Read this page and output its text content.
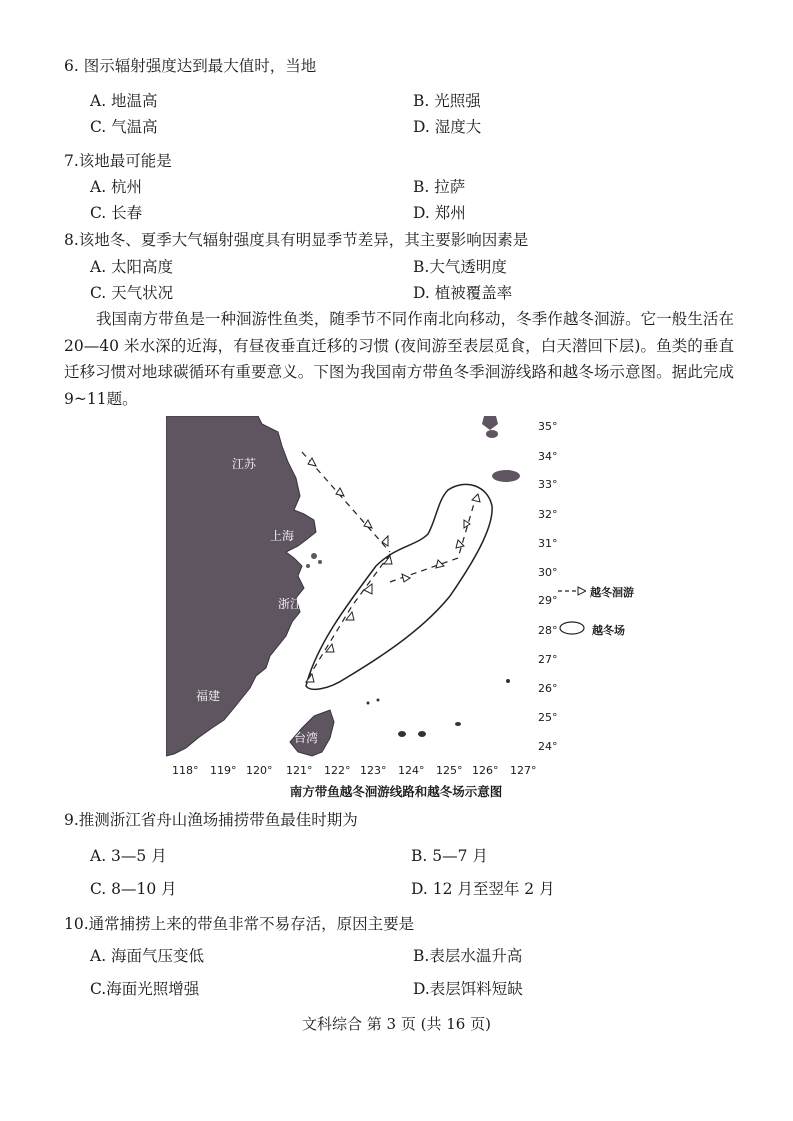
6. 图示辐射强度达到最大值时，当地
A. 地温高	B. 光照强
C. 气温高	D. 湿度大
7.该地最可能是
A. 杭州	B. 拉萨
C. 长春	D. 郑州
8.该地冬、夏季大气辐射强度具有明显季节差异，其主要影响因素是
A. 太阳高度	B.大气透明度
C. 天气状况	D. 植被覆盖率
我国南方带鱼是一种洄游性鱼类，随季节不同作南北向移动，冬季作越冬洄游。它一般生活在 20—40 米水深的近海，有昼夜垂直迁移的习惯 (夜间游至表层觅食，白天潜回下层)。鱼类的垂直迁移习惯对地球碳循环有重要意义。下图为我国南方带鱼冬季洄游线路和越冬场示意图。据此完成 9~11题。
江苏
上海
浙江
福建
台湾
118° 119° 120° 121° 122° 123° 124° 125° 126° 127°
35°
34°
33°
32°
31°
30°
29°
28°
27°
26°
25°
24°
越冬洄游
越冬场
南方带鱼越冬洄游线路和越冬场示意图
9.推测浙江省舟山渔场捕捞带鱼最佳时期为
A. 3—5 月	B. 5—7 月
C. 8—10 月	D. 12 月至翌年 2 月
10.通常捕捞上来的带鱼非常不易存活，原因主要是
A. 海面气压变低	B.表层水温升高
C.海面光照增强	D.表层饵料短缺
文科综合 第 3 页 (共 16 页)
